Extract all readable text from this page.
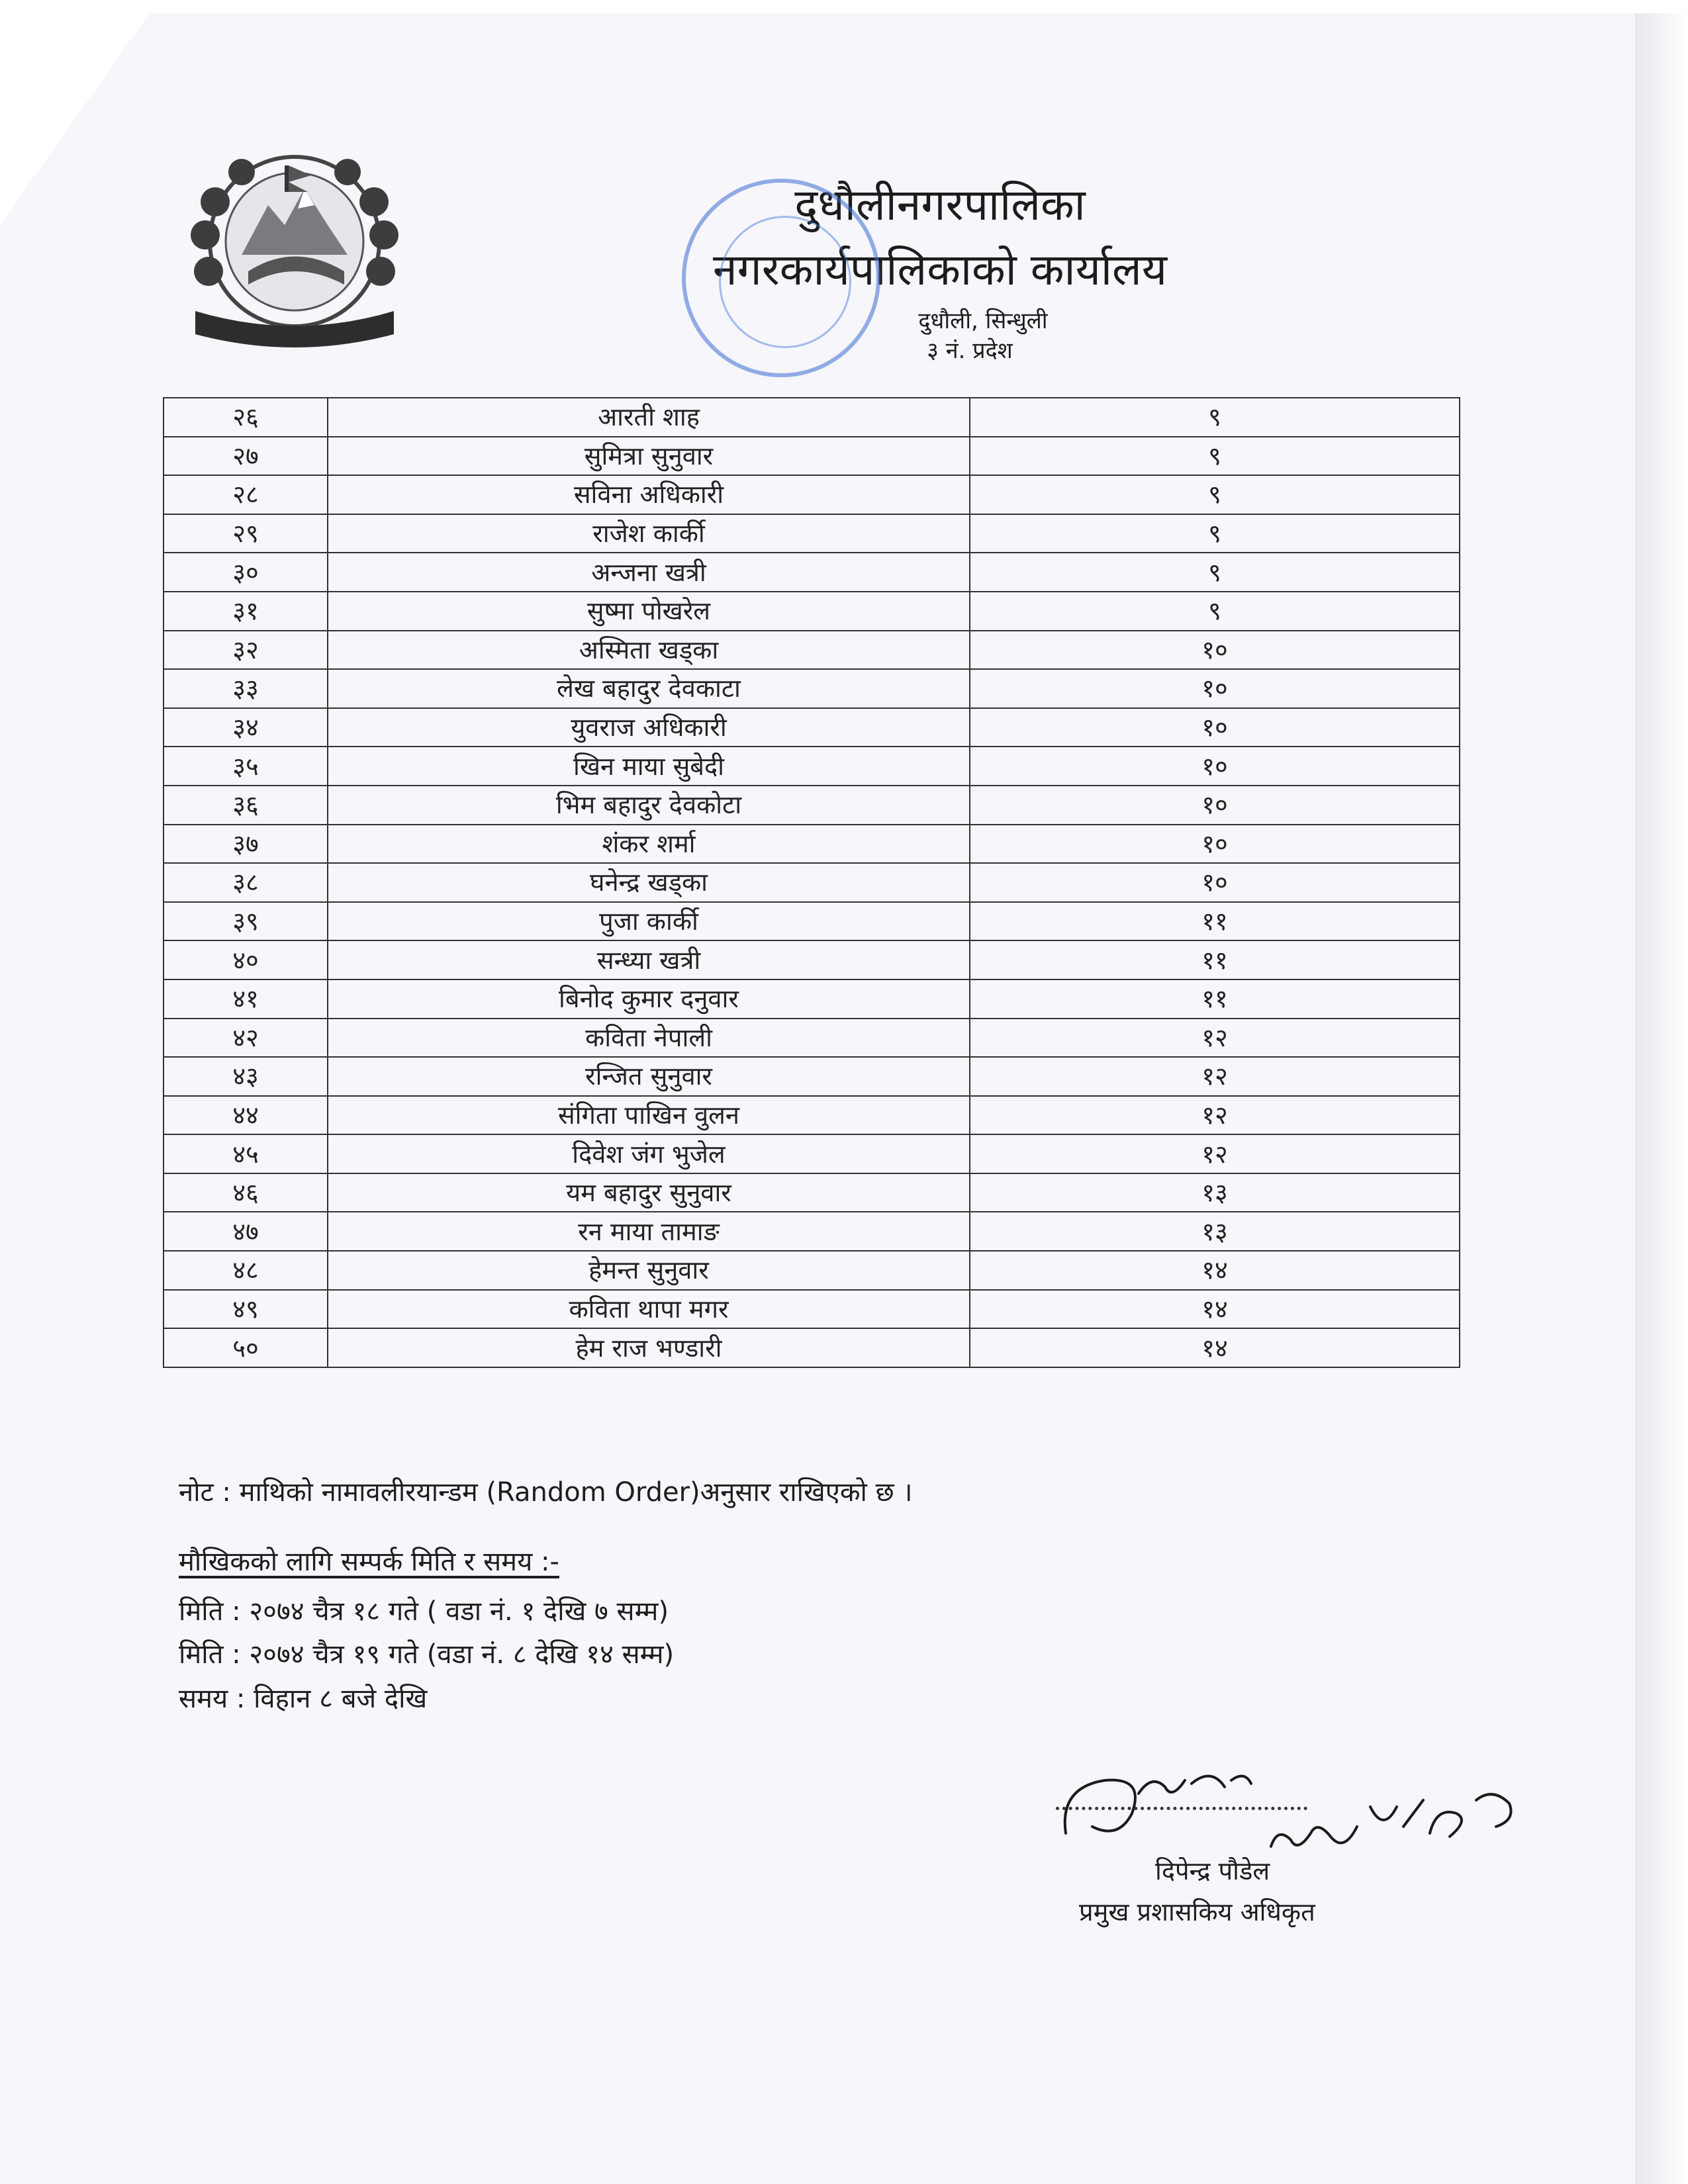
दुधौलीनगरपालिका
नगरकार्यपालिकाको कार्यालय
दुधौली, सिन्धुली
३ नं. प्रदेश
२६	आरती शाह	९
२७	सुमित्रा सुनुवार	९
२८	सविना अधिकारी	९
२९	राजेश कार्की	९
३०	अन्जना खत्री	९
३१	सुष्मा पोखरेल	९
३२	अस्मिता खड्का	१०
३३	लेख बहादुर देवकाटा	१०
३४	युवराज अधिकारी	१०
३५	खिन माया सुबेदी	१०
३६	भिम बहादुर देवकोटा	१०
३७	शंकर शर्मा	१०
३८	घनेन्द्र खड्का	१०
३९	पुजा कार्की	११
४०	सन्ध्या खत्री	११
४१	बिनोद कुमार दनुवार	११
४२	कविता नेपाली	१२
४३	रन्जित सुनुवार	१२
४४	संगिता पाखिन वुलन	१२
४५	दिवेश जंग भुजेल	१२
४६	यम बहादुर सुनुवार	१३
४७	रन माया तामाङ	१३
४८	हेमन्त सुनुवार	१४
४९	कविता थापा मगर	१४
५०	हेम राज भण्डारी	१४
नोट : माथिको नामावलीरयान्डम (Random Order)अनुसार राखिएको छ ।
मौखिकको लागि सम्पर्क मिति र समय :-
मिति : २०७४ चैत्र १८ गते ( वडा नं. १ देखि ७ सम्म)
मिति : २०७४ चैत्र १९ गते (वडा नं. ८ देखि १४ सम्म)
समय : विहान ८ बजे देखि
दिपेन्द्र पौडेल
प्रमुख प्रशासकिय अधिकृत
